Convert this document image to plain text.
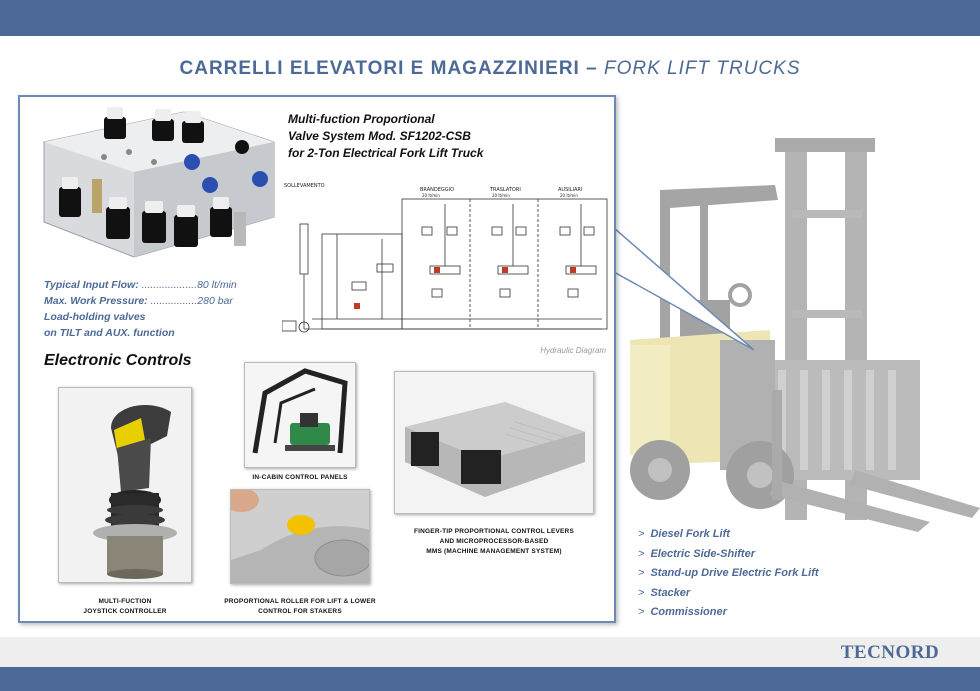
CARRELLI ELEVATORI E MAGAZZINIERI – FORK LIFT TRUCKS
Multi-fuction Proportional
Valve System Mod. SF1202-CSB
for 2-Ton Electrical Fork Lift Truck
Typical Input Flow: ...................80 lt/min
Max. Work Pressure: ................280 bar
Load-holding valves
on TILT and AUX. function
SOLLEVAMENTO
BRANDEGGIO	TRASLATORI	AUSILIARI
20 lt/min	20 lt/min	20 lt/min
Hydraulic Diagram
Electronic Controls
MULTI-FUCTION
JOYSTICK CONTROLLER
IN-CABIN CONTROL PANELS
PROPORTIONAL ROLLER FOR LIFT & LOWER
CONTROL FOR STAKERS
FINGER-TIP PROPORTIONAL CONTROL LEVERS
AND MICROPROCESSOR-BASED
MMS (MACHINE MANAGEMENT SYSTEM)
> Diesel Fork Lift
> Electric Side-Shifter
> Stand-up Drive Electric Fork Lift
> Stacker
> Commissioner
TECNORD
